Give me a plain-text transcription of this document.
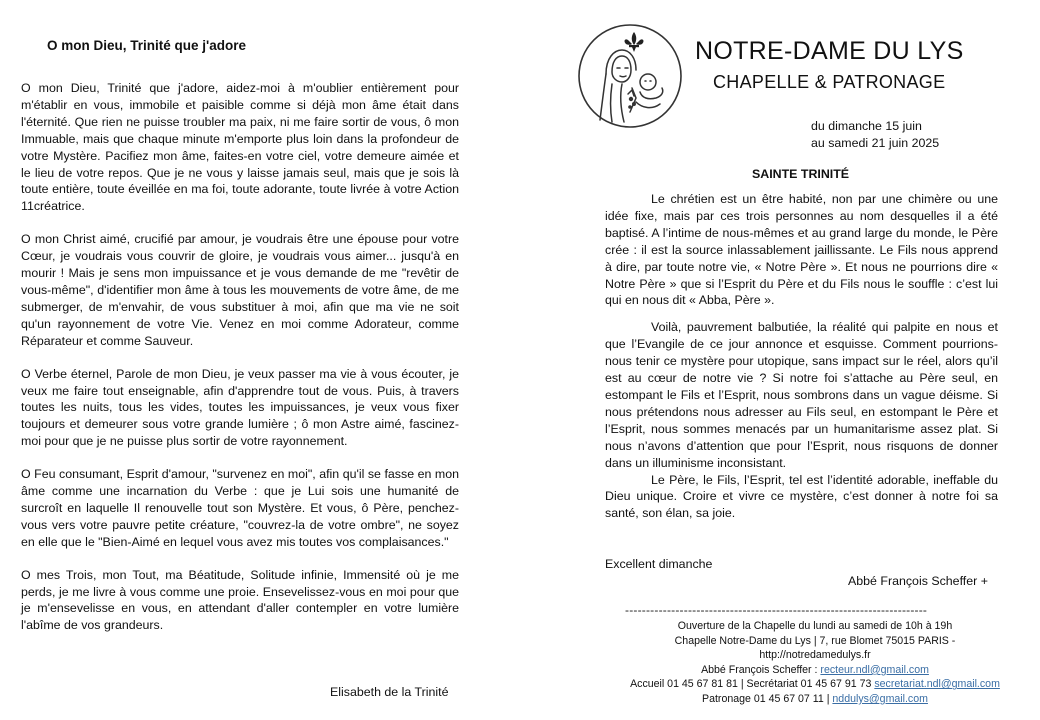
O mon Dieu, Trinité que j'adore

O mon Dieu, Trinité que j'adore, aidez-moi à m'oublier entièrement pour m'établir en vous, immobile et paisible comme si déjà mon âme était dans l'éternité. Que rien ne puisse troubler ma paix, ni me faire sortir de vous, ô mon Immuable, mais que chaque minute m'emporte plus loin dans la profondeur de votre Mystère. Pacifiez mon âme, faites-en votre ciel, votre demeure aimée et le lieu de votre repos. Que je ne vous y laisse jamais seul, mais que je sois là toute entière, toute éveillée en ma foi, toute adorante, toute livrée à votre Action 11créatrice.

O mon Christ aimé, crucifié par amour, je voudrais être une épouse pour votre Cœur, je voudrais vous couvrir de gloire, je voudrais vous aimer... jusqu'à en mourir ! Mais je sens mon impuissance et je vous demande de me "revêtir de vous-même", d'identifier mon âme à tous les mouvements de votre âme, de me submerger, de m'envahir, de vous substituer à moi, afin que ma vie ne soit qu'un rayonnement de votre Vie. Venez en moi comme Adorateur, comme Réparateur et comme Sauveur.

O Verbe éternel, Parole de mon Dieu, je veux passer ma vie à vous écouter, je veux me faire tout enseignable, afin d'apprendre tout de vous. Puis, à travers toutes les nuits, tous les vides, toutes les impuissances, je veux vous fixer toujours et demeurer sous votre grande lumière ; ô mon Astre aimé, fascinez-moi pour que je ne puisse plus sortir de votre rayonnement.

O Feu consumant, Esprit d'amour, "survenez en moi", afin qu'il se fasse en mon âme comme une incarnation du Verbe : que je Lui sois une humanité de surcroît en laquelle Il renouvelle tout son Mystère. Et vous, ô Père, penchez-vous vers votre pauvre petite créature, "couvrez-la de votre ombre", ne soyez en elle que le "Bien-Aimé en lequel vous avez mis toutes vos complaisances."

O mes Trois, mon Tout, ma Béatitude, Solitude infinie, Immensité où je me perds, je me livre à vous comme une proie. Ensevelissez-vous en moi pour que je m'ensevelisse en vous, en attendant d'aller contempler en votre lumière l'abîme de vos grandeurs.

Elisabeth de la Trinité
NOTRE-DAME DU LYS
CHAPELLE & PATRONAGE
du dimanche 15 juin
au samedi 21 juin 2025
SAINTE TRINITÉ

Le chrétien est un être habité, non par une chimère ou une idée fixe, mais par ces trois personnes au nom desquelles il a été baptisé. A l’intime de nous-mêmes et au grand large du monde, le Père crée : il est la source inlassablement jaillissante. Le Fils nous apprend à dire, par toute notre vie, « Notre Père ». Et nous ne pourrions dire « Notre Père » que si l’Esprit du Père et du Fils nous le souffle : c’est lui qui en nous dit « Abba, Père ».

Voilà, pauvrement balbutiée, la réalité qui palpite en nous et que l’Evangile de ce jour annonce et esquisse. Comment pourrions-nous tenir ce mystère pour utopique, sans impact sur le réel, alors qu’il est au cœur de notre vie ? Si notre foi s’attache au Père seul, en estompant le Fils et l’Esprit, nous sombrons dans un vague déisme. Si nous prétendons nous adresser au Fils seul, en estompant le Père et l’Esprit, nous sommes menacés par un humanitarisme assez plat. Si nous n’avons d’attention que pour l’Esprit, nous risquons de donner dans un illuminisme inconsistant.

Le Père, le Fils, l’Esprit, tel est l’identité adorable, ineffable du Dieu unique. Croire et vivre ce mystère, c’est donner à notre foi sa santé, son élan, sa joie.

Excellent dimanche
Abbé François Scheffer +
------------------------------------------------------------------------
Ouverture de la Chapelle du lundi au samedi de 10h à 19h
Chapelle Notre-Dame du Lys | 7, rue Blomet 75015 PARIS -
http://notredamedulys.fr
Abbé François Scheffer : recteur.ndl@gmail.com
Accueil 01 45 67 81 81 | Secrétariat 01 45 67 91 73 secretariat.ndl@gmail.com
Patronage 01 45 67 07 11 | nddulys@gmail.com
